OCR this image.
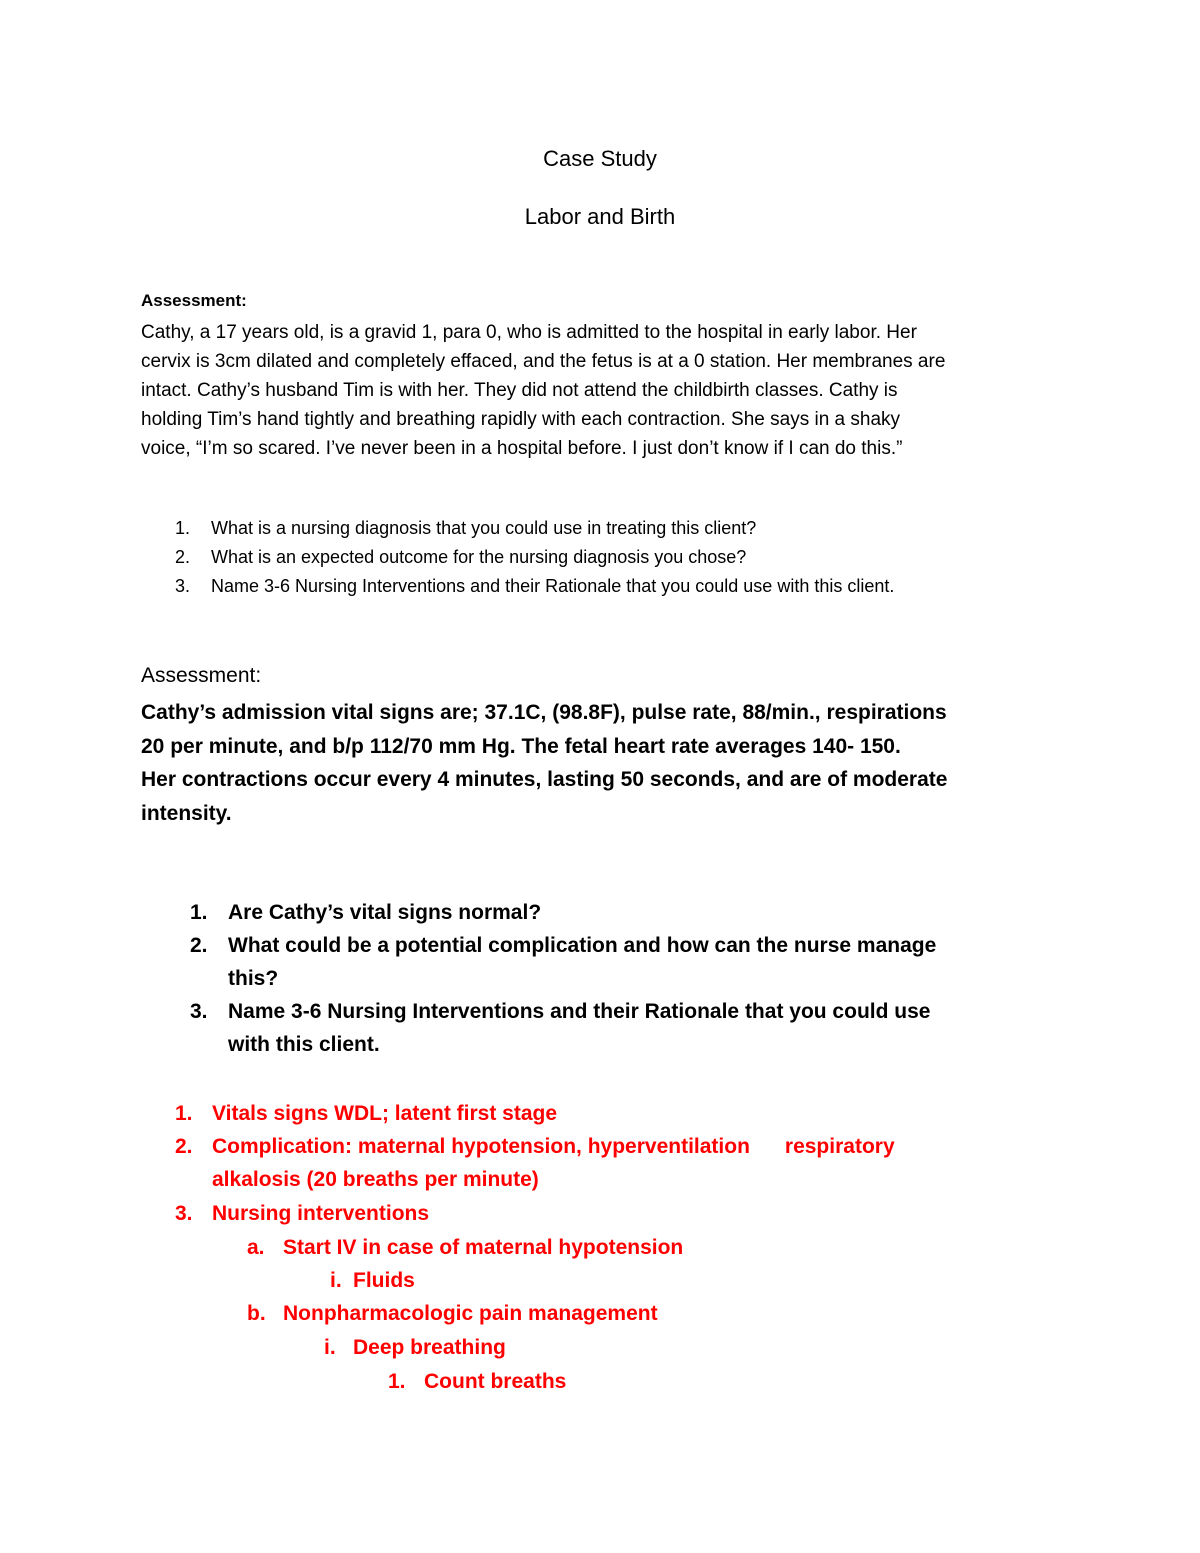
Case Study
Labor and Birth
Assessment:
Cathy, a 17 years old, is a gravid 1, para 0, who is admitted to the hospital in early labor. Her
cervix is 3cm dilated and completely effaced, and the fetus is at a 0 station. Her membranes are
intact. Cathy’s husband Tim is with her. They did not attend the childbirth classes. Cathy is
holding Tim’s hand tightly and breathing rapidly with each contraction. She says in a shaky
voice, “I’m so scared. I’ve never been in a hospital before. I just don’t know if I can do this.”
1. What is a nursing diagnosis that you could use in treating this client?
2. What is an expected outcome for the nursing diagnosis you chose?
3. Name 3-6 Nursing Interventions and their Rationale that you could use with this client.
Assessment:
Cathy’s admission vital signs are; 37.1C, (98.8F), pulse rate, 88/min., respirations
20 per minute, and b/p 112/70 mm Hg. The fetal heart rate averages 140- 150.
Her contractions occur every 4 minutes, lasting 50 seconds, and are of moderate
intensity.
1. Are Cathy’s vital signs normal?
2. What could be a potential complication and how can the nurse manage
this?
3. Name 3-6 Nursing Interventions and their Rationale that you could use
with this client.
1. Vitals signs WDL; latent first stage
2. Complication: maternal hypotension, hyperventilation      respiratory
alkalosis (20 breaths per minute)
3. Nursing interventions
a. Start IV in case of maternal hypotension
i. Fluids
b. Nonpharmacologic pain management
i. Deep breathing
1. Count breaths
